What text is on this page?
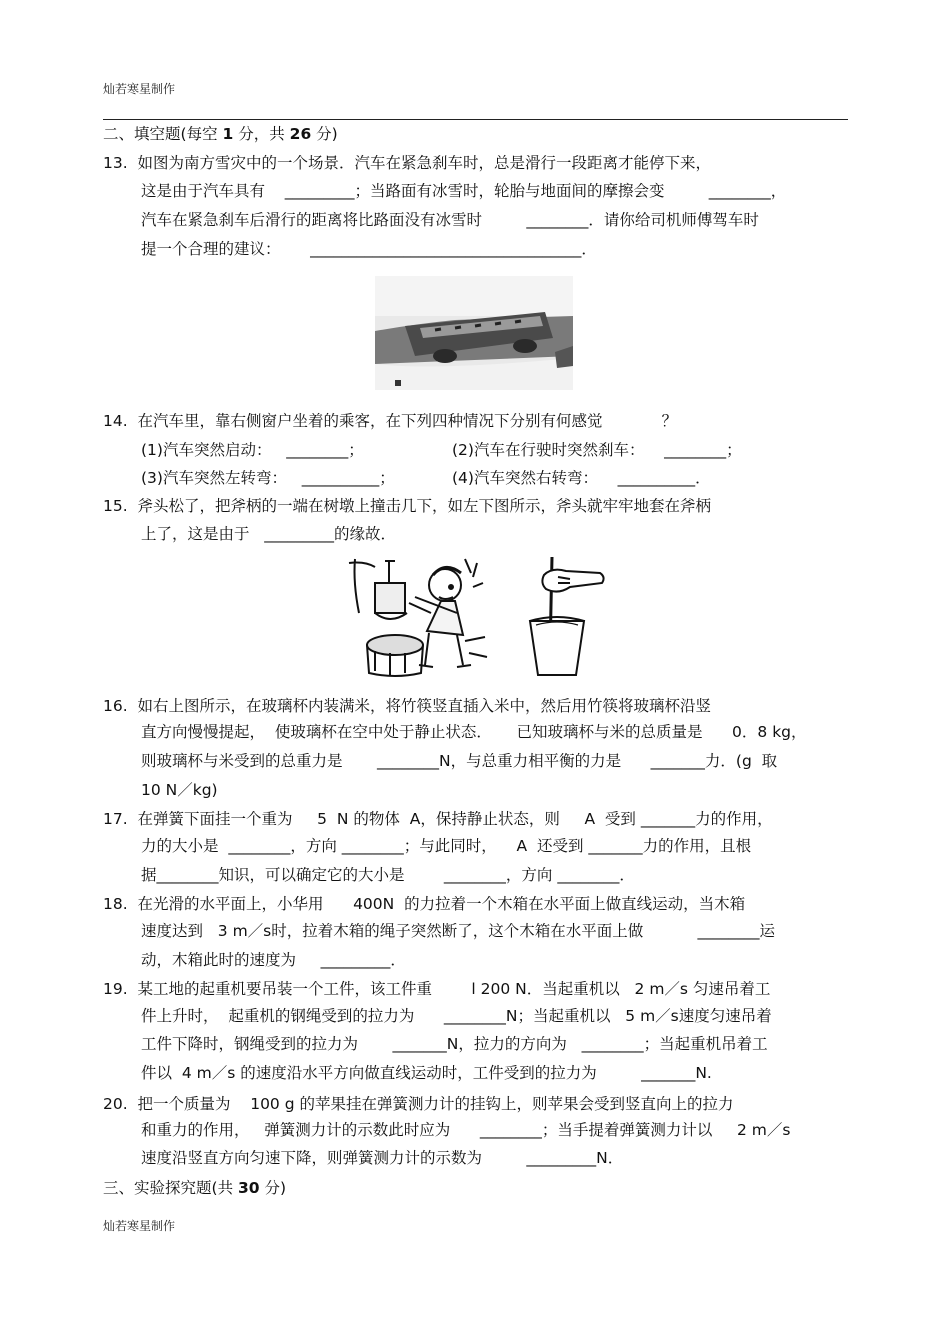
灿若寒星制作
二、填空题(每空 1 分，共 26 分)
13.  如图为南方雪灾中的一个场景．汽车在紧急刹车时，总是滑行一段距离才能停下来，
这是由于汽车具有    _________；当路面有冰雪时，轮胎与地面间的摩擦会变         ________，
汽车在紧急刹车后滑行的距离将比路面没有冰雪时         ________．请你给司机师傅驾车时
提一个合理的建议：      ___________________________________．
14.  在汽车里，靠右侧窗户坐着的乘客，在下列四种情况下分别有何感觉            ？
(1)汽车突然启动：   ________；	(2)汽车在行驶时突然刹车：    ________；
(3)汽车突然左转弯：   __________；	(4)汽车突然右转弯：    __________．
15.  斧头松了，把斧柄的一端在树墩上撞击几下，如左下图所示，斧头就牢牢地套在斧柄
上了，这是由于   _________的缘故．
16.  如右上图所示，在玻璃杯内装满米，将竹筷竖直插入米中，然后用竹筷将玻璃杯沿竖
直方向慢慢提起，  使玻璃杯在空中处于静止状态．     已知玻璃杯与米的总质量是      0．8 kg，
则玻璃杯与米受到的总重力是       ________N，与总重力相平衡的力是      _______力．(g  取
10 N／kg)
17.  在弹簧下面挂一个重为     5  N 的物体  A，保持静止状态，则     A  受到 _______力的作用，
力的大小是  ________，方向 ________；与此同时，    A  还受到 _______力的作用，且根
据________知识，可以确定它的大小是        ________，方向 ________．
18.  在光滑的水平面上，小华用      400N  的力拉着一个木箱在水平面上做直线运动，当木箱
速度达到   3 m／s时，拉着木箱的绳子突然断了，这个木箱在水平面上做           ________运
动，木箱此时的速度为     _________．
19.  某工地的起重机要吊装一个工件，该工件重        l 200 N．当起重机以   2 m／s 匀速吊着工
件上升时，  起重机的钢绳受到的拉力为      ________N；当起重机以   5 m／s速度匀速吊着
工件下降时，钢绳受到的拉力为       _______N，拉力的方向为   ________；当起重机吊着工
件以  4 m／s 的速度沿水平方向做直线运动时，工件受到的拉力为         _______N.
20.  把一个质量为    100 g 的苹果挂在弹簧测力计的挂钩上，则苹果会受到竖直向上的拉力
和重力的作用，   弹簧测力计的示数此时应为      ________；当手提着弹簧测力计以     2 m／s
速度沿竖直方向匀速下降，则弹簧测力计的示数为         _________N．
三、实验探究题(共 30 分)
灿若寒星制作
